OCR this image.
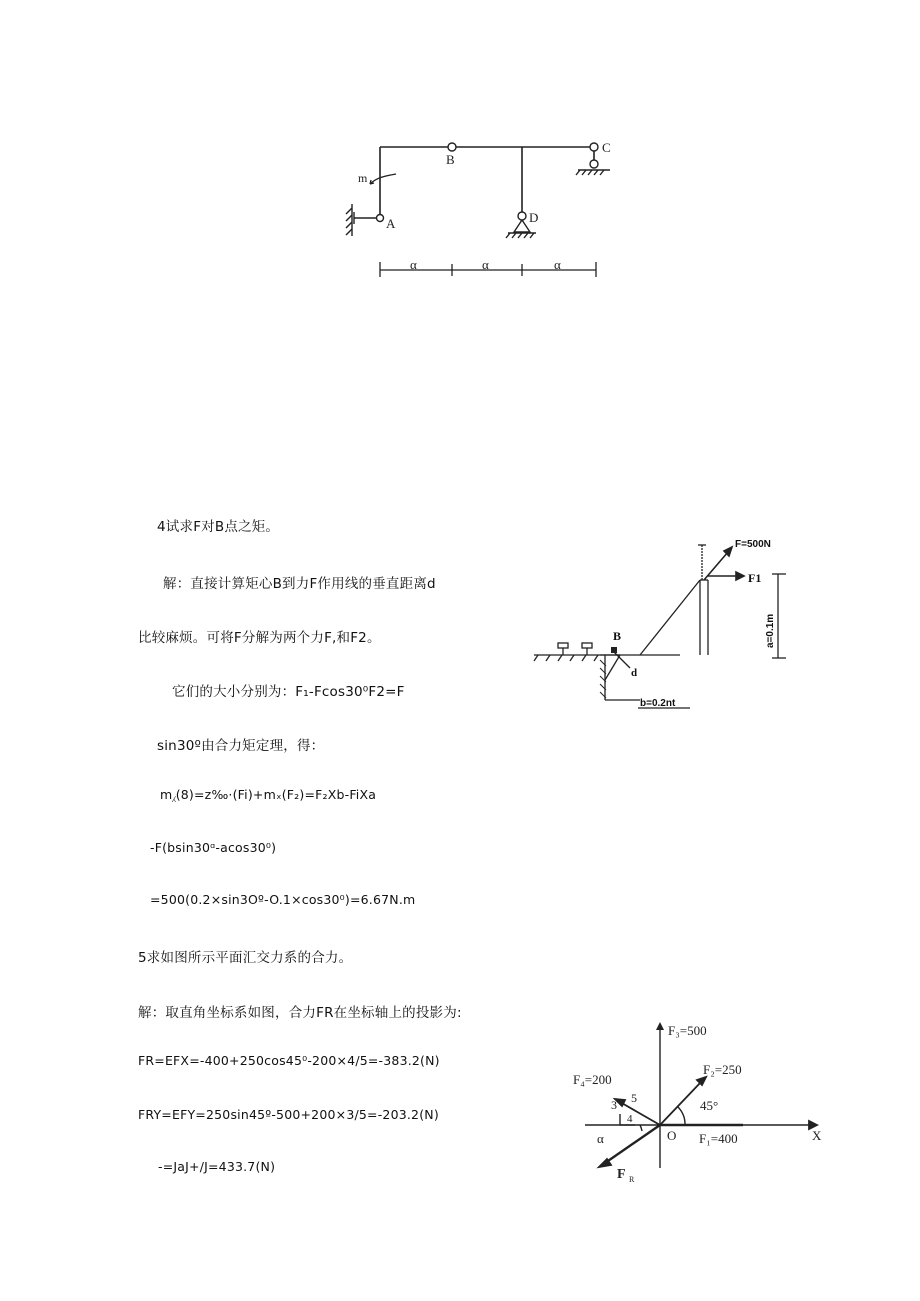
B
C
D
A
m
α	α	α
4试求F对B点之矩。
解：直接计算矩心B到力F作用线的垂直距离d
比较麻烦。可将F分解为两个力F,和F2。
它们的大小分别为：F₁-Fcos30⁰F2=F
sin30º由合力矩定理，得：
m⁁(8)=z‰·(Fi)+mₓ(F₂)=F₂Xb-FiXa
-F(bsin30ᵅ-acos30⁰)
=500(0.2×sin3Oº-O.1×cos30⁰)=6.67N.m
F=500N
F1
a=0.1m
B
d
b=0.2nt
5求如图所示平面汇交力系的合力。
解：取直角坐标系如图，合力FR在坐标轴上的投影为:
FR=EFX=-400+250cos45⁰-200×4/5=-383.2(N)
FRY=EFY=250sin45º-500+200×3/5=-203.2(N)
-=JaJ+/J=433.7(N)
F₃=500
F₂=250
F₄=200
45°
3 5
4
O	X
F₁=400
α
F R
